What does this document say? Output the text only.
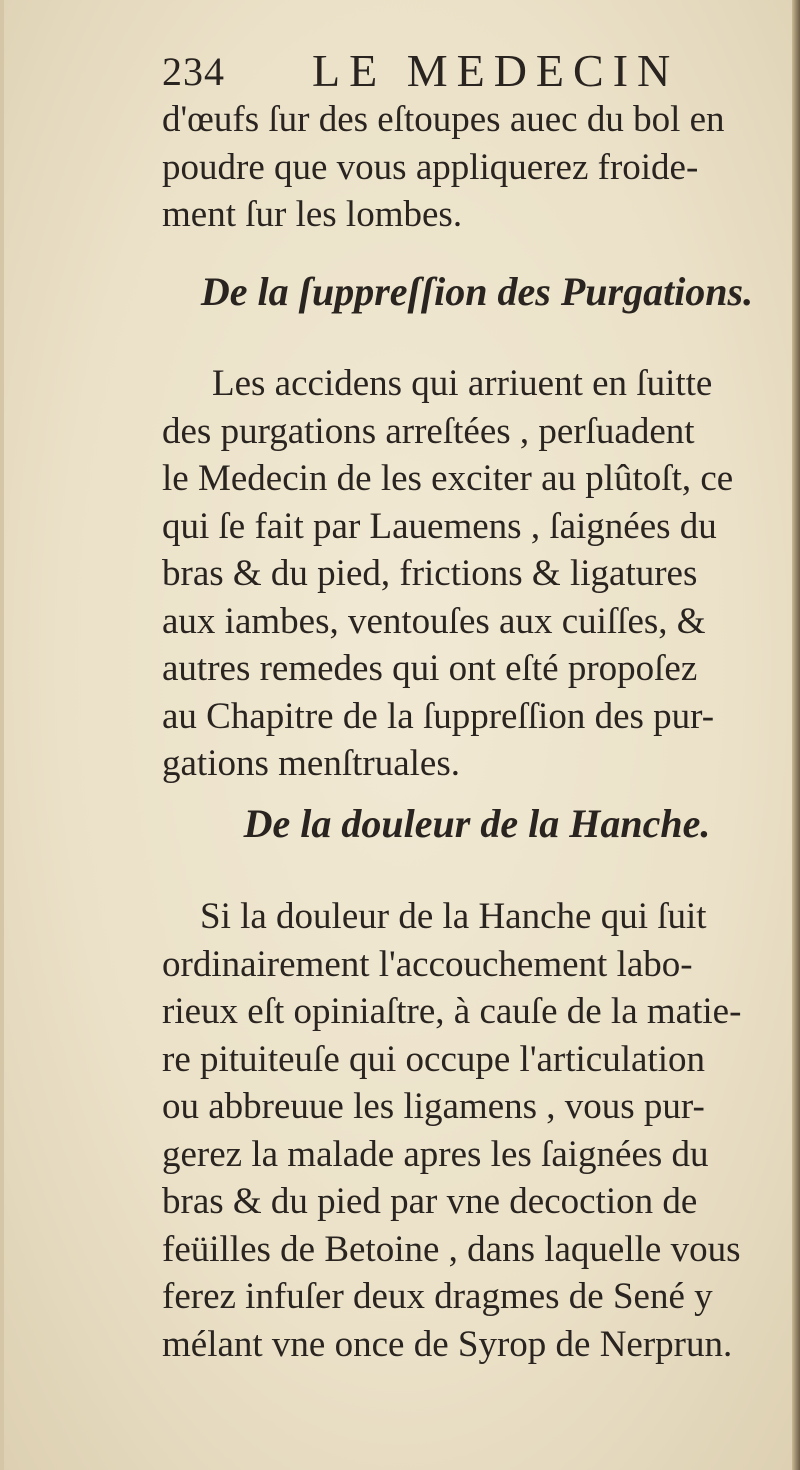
234 LE MEDECIN
d'œufs ſur des eſtoupes auec du bol en
poudre que vous appliquerez froide-
ment ſur les lombes.
De la ſuppreſſion des Purgations.
Les accidens qui arriuent en ſuitte
des purgations arreſtées , perſuadent
le Medecin de les exciter au plûtoſt, ce
qui ſe fait par Lauemens , ſaignées du
bras & du pied, frictions & ligatures
aux iambes, ventouſes aux cuiſſes, &
autres remedes qui ont eſté propoſez
au Chapitre de la ſuppreſſion des pur-
gations menſtruales.
De la douleur de la Hanche.
Si la douleur de la Hanche qui ſuit
ordinairement l'accouchement labo-
rieux eſt opiniaſtre, à cauſe de la matie-
re pituiteuſe qui occupe l'articulation
ou abbreuue les ligamens , vous pur-
gerez la malade apres les ſaignées du
bras & du pied par vne decoction de
feüilles de Betoine , dans laquelle vous
ferez infuſer deux dragmes de Sené y
mélant vne once de Syrop de Nerprun.
